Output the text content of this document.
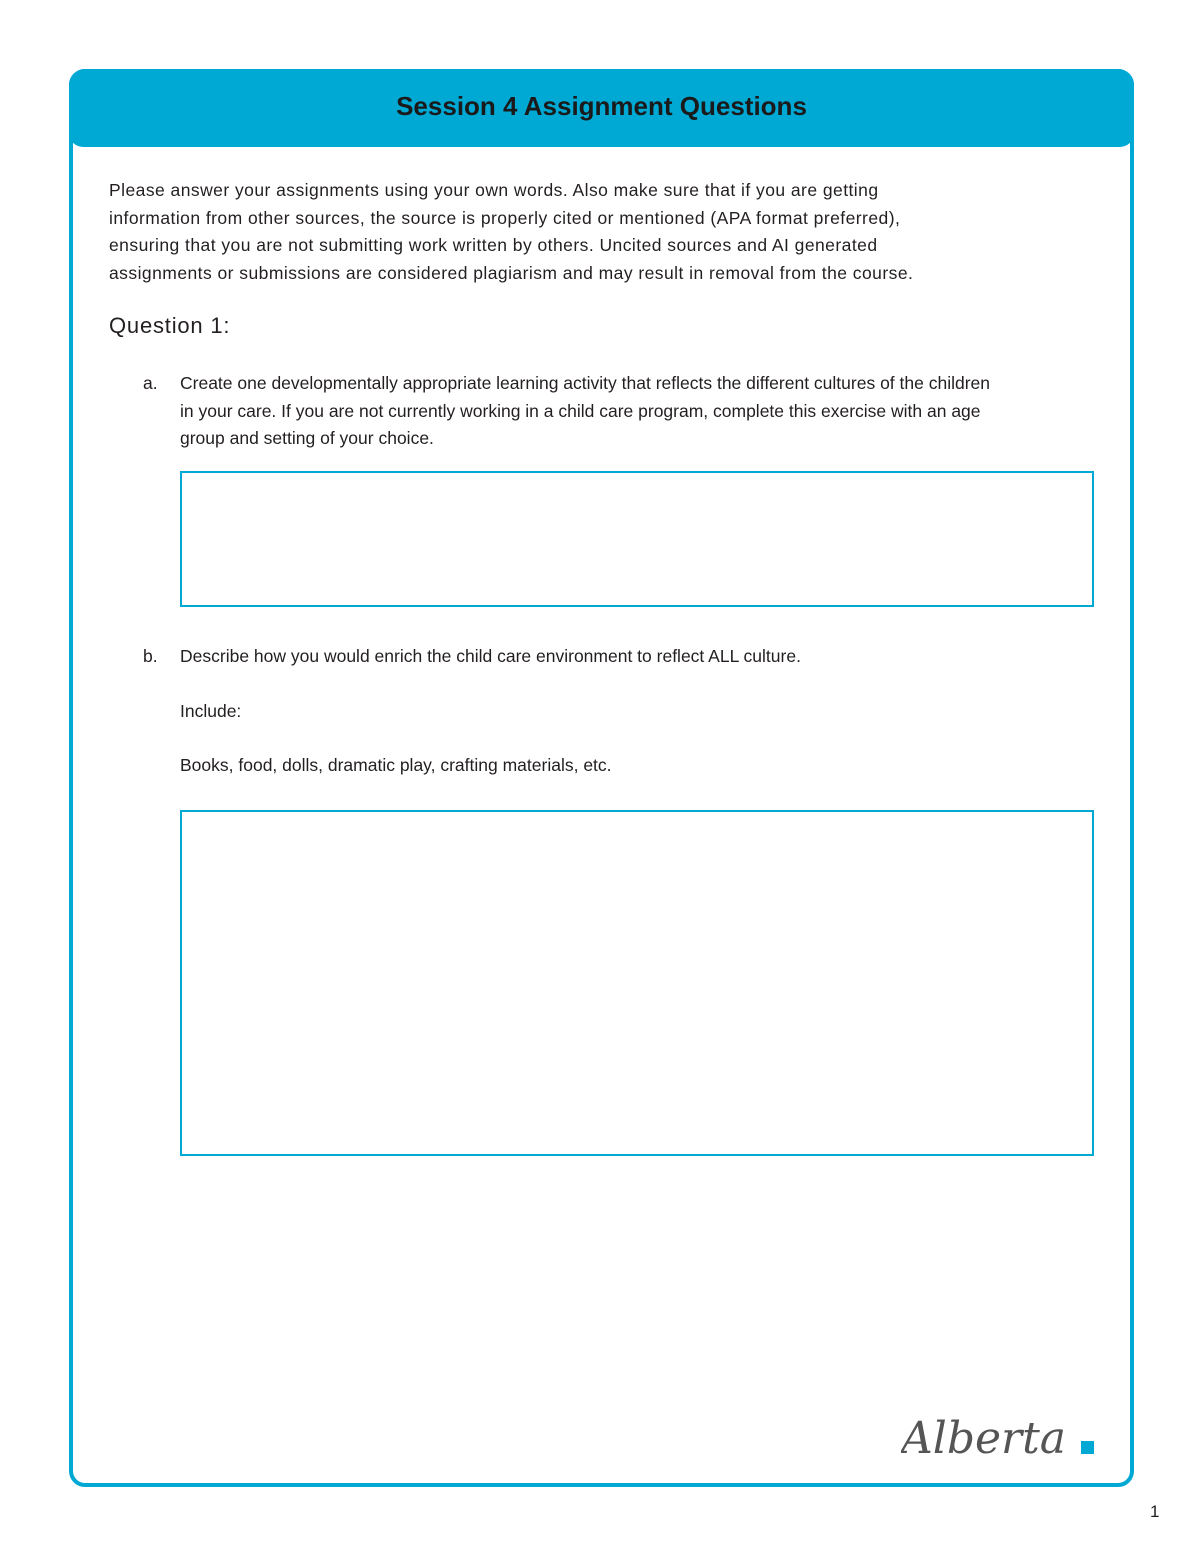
Session 4 Assignment Questions
Please answer your assignments using your own words. Also make sure that if you are getting
information from other sources, the source is properly cited or mentioned (APA format preferred),
ensuring that you are not submitting work written by others. Uncited sources and AI generated
assignments or submissions are considered plagiarism and may result in removal from the course.
Question 1:
a. Create one developmentally appropriate learning activity that reflects the different cultures of the children
in your care. If you are not currently working in a child care program, complete this exercise with an age
group and setting of your choice.
b. Describe how you would enrich the child care environment to reflect ALL culture.

Include:

Books, food, dolls, dramatic play, crafting materials, etc.

Alberta
1
